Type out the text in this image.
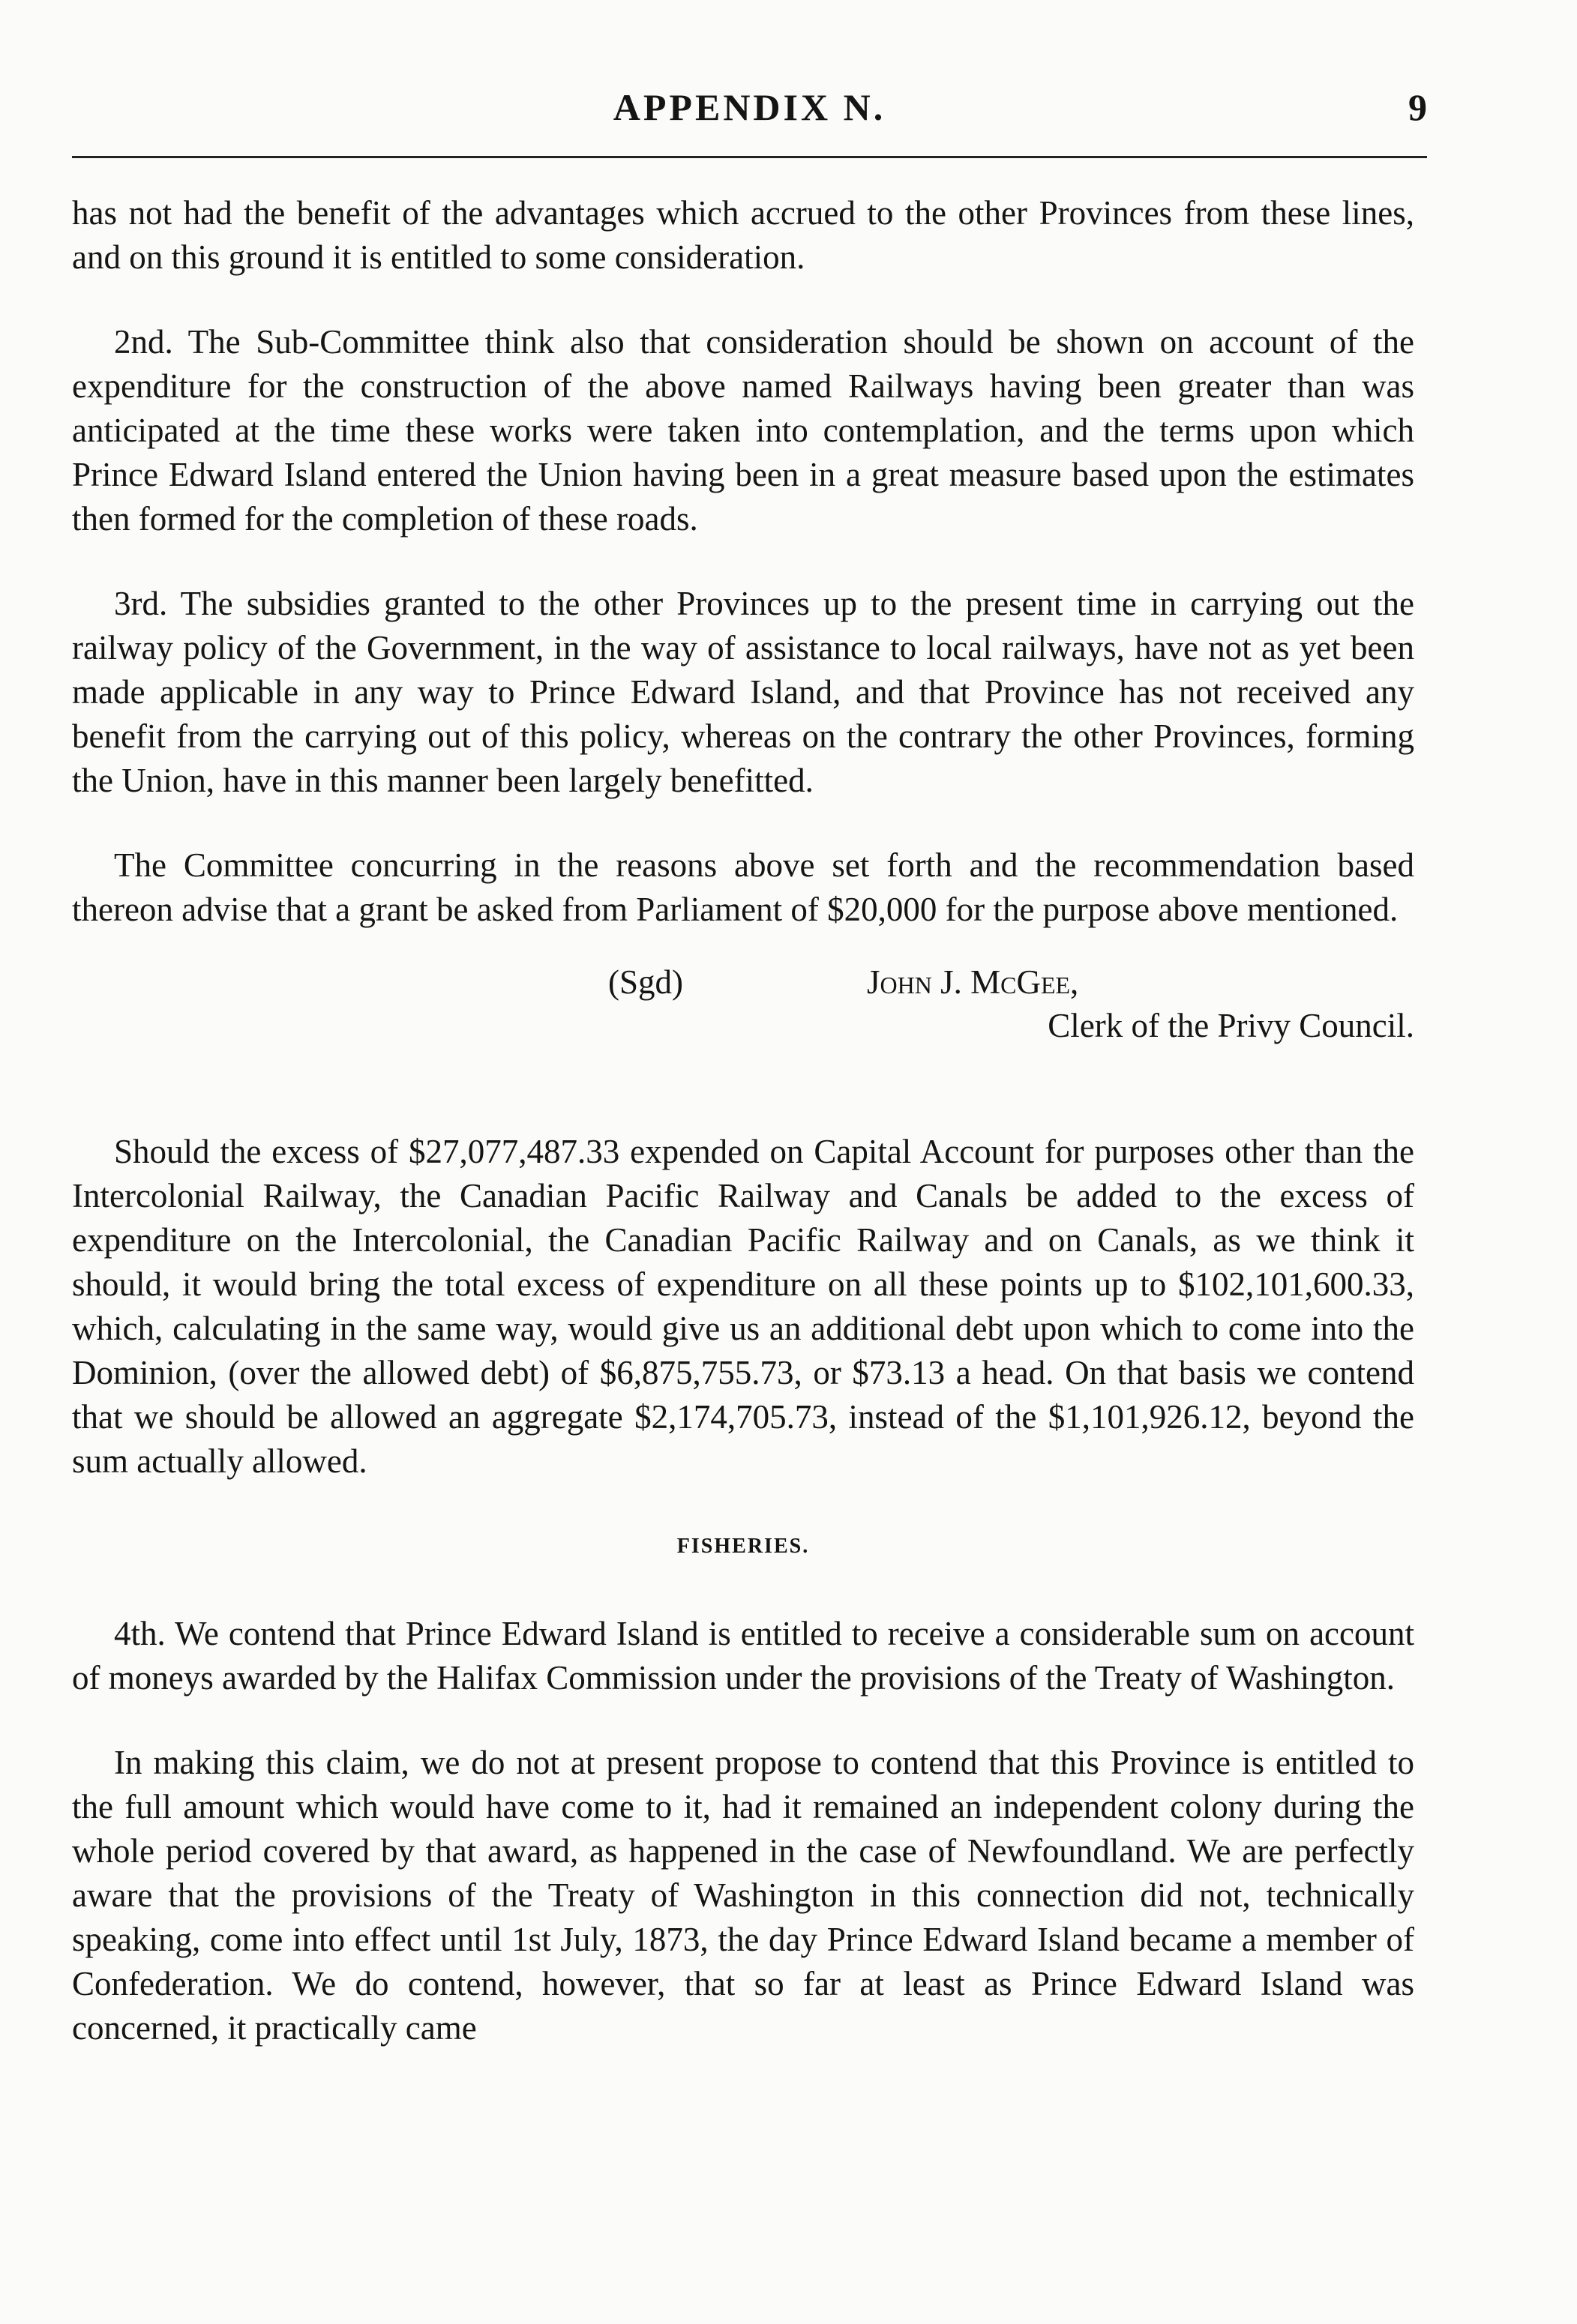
APPENDIX N.	9

has not had the benefit of the advantages which accrued to the other Provinces from these lines, and on this ground it is entitled to some consideration.

2nd. The Sub-Committee think also that consideration should be shown on account of the expenditure for the construction of the above named Railways having been greater than was anticipated at the time these works were taken into contemplation, and the terms upon which Prince Edward Island entered the Union having been in a great measure based upon the estimates then formed for the completion of these roads.

3rd. The subsidies granted to the other Provinces up to the present time in carrying out the railway policy of the Government, in the way of assistance to local railways, have not as yet been made applicable in any way to Prince Edward Island, and that Province has not received any benefit from the carrying out of this policy, whereas on the contrary the other Provinces, forming the Union, have in this manner been largely benefitted.

The Committee concurring in the reasons above set forth and the recommendation based thereon advise that a grant be asked from Parliament of $20,000 for the purpose above mentioned.

(Sgd)	John J. McGee,
Clerk of the Privy Council.

Should the excess of $27,077,487.33 expended on Capital Account for purposes other than the Intercolonial Railway, the Canadian Pacific Railway and Canals be added to the excess of expenditure on the Intercolonial, the Canadian Pacific Railway and on Canals, as we think it should, it would bring the total excess of expenditure on all these points up to $102,101,600.33, which, calculating in the same way, would give us an additional debt upon which to come into the Dominion, (over the allowed debt) of $6,875,755.73, or $73.13 a head. On that basis we contend that we should be allowed an aggregate $2,174,705.73, instead of the $1,101,926.12, beyond the sum actually allowed.

FISHERIES.

4th. We contend that Prince Edward Island is entitled to receive a considerable sum on account of moneys awarded by the Halifax Commission under the provisions of the Treaty of Washington.

In making this claim, we do not at present propose to contend that this Province is entitled to the full amount which would have come to it, had it remained an independent colony during the whole period covered by that award, as happened in the case of Newfoundland. We are perfectly aware that the provisions of the Treaty of Washington in this connection did not, technically speaking, come into effect until 1st July, 1873, the day Prince Edward Island became a member of Confederation. We do contend, however, that so far at least as Prince Edward Island was concerned, it practically came
